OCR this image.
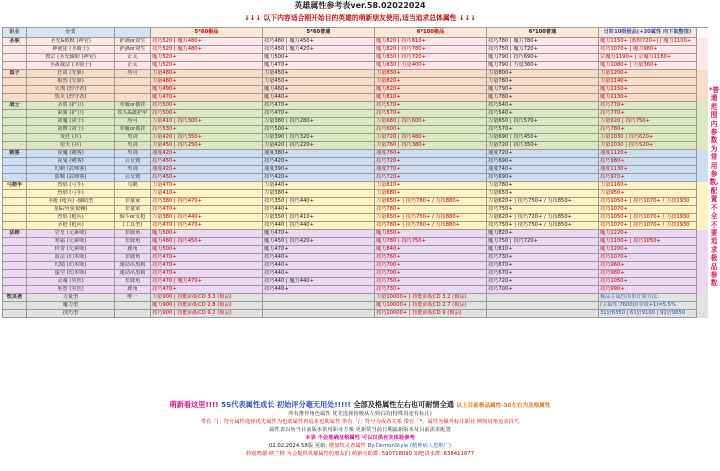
英雄属性参考表ver.58.02022024
↓↓↓ 以下内容适合刚开始目的英雄的萌新朋友使用,适当追求总体属性 ↓↓↓
职业	分支	5*60极品	5*60普通	6*100极品	6*100普通	日阶10级极品(+20属性 向下取整值)
圣职	圣光&救赎 (神官)	萨满or双生	技巧520 | 魔力480+	技巧480 | 魔力450+	魔力820 | 技巧810+	技巧780 | 魔力780+	魔力1150+ (救赎720+) | 魔力1100+
神使徒 (圣骑士)	萨满or双生	技巧520 | 魔力480+	技巧450 | 魔力420+	魔力820 | 技巧780+	技巧750 | 魔力720+	技巧1070+ | 魔力980+
教宗 (圣光辅助 (神官)	正太	魔力520+	魔力500+	魔力830 | 技巧720+	魔力790 | 技巧690+	宗魔力1190+ | 宗魔力1180+
圣裁裁法 (圣骑士)	正太	魔力520+	魔力470+	魔力830 | 力量400+	魔力790 | 力量360+	魔力1080+ | 力量360+
盗子	狂战 (先驱)	均可	力量480+	力量450+	力量830+	力量800+	力量1200+
狼烈 (先驱)	力量480+	力量450+	力量820+	力量780+	力量1140+
火刑 (烈守者)	魔力490+	魔力460+	魔力820+	魔力790+	魔力1150+
毁灭 (烈守者)	魔力470+	魔力440+	魔力810+	魔力780+	魔力1130+
战士	圣盾 (护卫)	草履or披挂	技巧500+	技巧470+	技巧570+	技巧540+	技巧770+
荣骑 (护卫)	铁头&披护甲 技巧500+	技巧470+	技巧570+	技巧540+	技巧770+
剑魔 (剑士)	均可	力量410 | 技巧300+	力量380 | 技巧280+	力量680 | 技巧600+	力量650 | 技巧570+	力量920 | 技巧750+
剑舞 (剑士)	草履or披挂	技巧530+	技巧500+	技巧600+	技巧570+	技巧780+
炎狂 (兵)	男剑	力量420 | 技巧350+	力量390 | 技巧320+	力量720 | 技巧480+	力量690 | 技巧450+	力量1030 | 技巧620+
逆天 (兵)	男剑	力量450 | 技巧250+	力量420 | 技巧220+	力量760 | 技巧380+	力量720 | 技巧350+	力量1030 | 技巧520+
刺客	夜魔 (刺客)	男剑	速度420+	速度380+	速度760+	速度720+	速度1120+
夜鬼 (刺客)	云女到	技巧450+	技巧420+	技巧720+	技巧690+	技巧980+
幻刺 (武师客)	男剑	速度420+	速度390+	速度770+	速度740+	速度1130+
盗贼 (武师客)	云女到	技巧450+	技巧420+	技巧720+	技巧690+	技巧970+
弓箭手	烈焰 (弓手)	乌鹤	力量470+	力量440+	力量810+	力量780+	力量1160+
烈焰 (弓手)	力量410+	力量380+	力量680+	力量650+	力量950+
圣枪 (枪兵) -辅助型	非量家	技巧380 | 技巧470+	技巧350 | 技巧440+	力量650+ | 技巧780+ / 力技880+	力量620+ | 技巧750+ / 力技850+	技巧1050+ | 技巧1070+ / 力技1930
龙&冷(弦依赖)	非量家	技巧470+	技巧440+	技巧780+	技巧750+	技巧1070+
烈焰 (枪兵)	烟斗or女枪	力量380 | 技巧440+	力量350 | 技巧410+	力量650+ | 技巧750+ / 力技880+	力量620+ | 技巧720+ / 力技850+	技巧1050+ | 技巧1070+ / 力技1930
圣枪 (枪兵)	(工具型)	技巧470 | 技巧470+	技巧440 | 技巧440+	技巧780+ | 技巧780+ / 力技880+	技巧750+ | 技巧750+ / 力技850+	技巧1070+ | 技巧1070+ / 力技1930
法师	岩皇 (元素师)	非鹿角	魔力500+	魔力470+	魔力850+	魔力820+	魔力1220+
寒霜 (元素师)	非鹿角	魔力480 | 技巧450+	魔力450 | 技巧420+	魔力780 | 技巧750+	魔力750 | 技巧720+	魔力1100+ | 技巧1050+
传奇 (元素师)	鹿角	魔力500+	魔力470+	魔力840+	魔力810+	魔力1200+
血法 (幻术师)	非鹿角	技巧470+	技巧440+	技巧760+	技巧730+	技巧1070+
幻镜 (幻术师)	速动吊黑狗	技巧470+	技巧440+	技巧700+	技巧670+	技巧960+
虚空 (幻术师)	速动吊黑狗	技巧470+	技巧440+	技巧700+	技巧670+	技巧980+
灵魂 (巫医)	非鹿角	技巧470 | 魔力470+	技巧440 | 魔力440+	技巧750+	技巧720+	技巧1050+
巫祭 (巫医)	鹿角	技巧470+	技巧440+	技巧730+	技巧700+	技巧990+
牧灵者	力量型	唯一	力量900 | 技能面板CD 3.3 (极品)	力量10000+ | 技能面板CD 3.2 (极品)	极品主属性国单计算方法:
魔力型	魔力900 | 技能面板CD 2.8 (极品)	魔力10000+ | 技能面板CD 2.7 (极品)	(主属性:7600)/(等级+1)=5.5%
技巧型	技巧900 | 技能面板CD 9.2 (极品)	技巧10000+ | 技能面板CD 9 (极品)	31倍8350 | 61倍9100 | 91倍9850
*普通范围内参数为常用参数,配置不全不要追求极品参数
萌新看这里!!!! 5S代表属性成长 初始评分毫无用处!!!!! 全部及格属性左右也可耐情全通 以上目前极品属性-30左右为及格属性
所有推荐角色属性 优先选择按极从左到右的(特殊用途有标注)
带有「|」符号属性选择优先属性为也助属性再追求也助属性 带有「/」符号为或者关系 带有「*」属性为额外标注职业 例如肩角追求技巧
属性表以角当目前版本常用职业方案 更新常当前日期最新版本及目前需求配置
本表 不会准确及格属性 可以仅供有关体验参考
02.02.2024.58版 更新: 增加牧灵者属性 By:DemonStyle (精神病人恩维广)
特别鸣谢:欧兰橙 为会提供英雄属性的朋友们 萌新互助群: 590718090 知吧讲水群: 638411877
